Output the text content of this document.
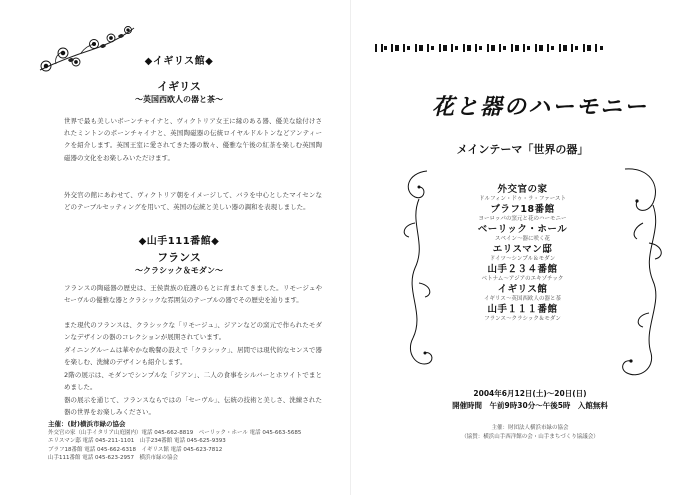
◆イギリス館◆
イギリス
～英国西欧人の器と茶～
世界で最も美しいボーンチャイナと、ヴィクトリア女王に縁のある器、優美な絵付けされたミントンのボーンチャイナと、英国陶磁器の伝統ロイヤルドルトンなどアンティークを紹介します。英国王室に愛されてきた器の数々、優雅な午後の紅茶を楽しむ英国陶磁器の文化をお楽しみいただけます。
外交官の館にあわせて、ヴィクトリア朝をイメージして、バラを中心としたマイセンなどのテーブルセッティングを用いて、英国の伝統と美しい器の調和を表現しました。
◆山手111番館◆
フランス
～クラシック＆モダン～
フランスの陶磁器の歴史は、王侯貴族の庇護のもとに育まれてきました。リモージュやセーヴルの優雅な器とクラシックな雰囲気のテーブルの器でその歴史を辿ります。
また現代のフランスは、クラシックな「リモージュ」、ジアンなどの窯元で作られたモダンなデザインの器のコレクションが展開されています。
ダイニングルームは華やかな晩餐の設えで「クラシック」、居間では現代的なセンスで器を楽しむ、洗練のデザインも紹介します。
2階の展示は、モダンでシンプルな「ジアン」、二人の食事をシルバーとホワイトでまとめました。
器の展示を通じて、フランスならではの「セーヴル」、伝統の技術と美しさ、洗練された器の世界をお楽しみください。
主催：(財)横浜市緑の協会
外交官の家（山手イタリア山庭園内）電話 045-662-8819　ベーリック・ホール 電話 045-663-5685
エリスマン邸 電話 045-211-1101　山手234番館 電話 045-625-9393
ブラフ18番館 電話 045-662-6318　イギリス館 電話 045-623-7812
山手111番館 電話 045-623-2957　横浜市緑の協会
花と器のハーモニー
メインテーマ「世界の器」
外交官の家
ドルフィン・ドゥ・ラ・ファースト
ブラフ18番館
ヨーロッパの窯元と花のハーモニー
ベーリック・ホール
スペイン～器に咲く花
エリスマン邸
ドイツ～シンプル＆モダン
山手２３４番館
ベトナム～アジアのエキゾチック
イギリス館
イギリス～英国西欧人の器と茶
山手１１１番館
フランス～クラシック＆モダン
2004年6月12日(土)～20日(日)
開催時間　午前9時30分～午後5時　入館無料
主催：財団法人横浜市緑の協会
（協賛：横浜山手西洋館の会・山手まちづくり協議会）
